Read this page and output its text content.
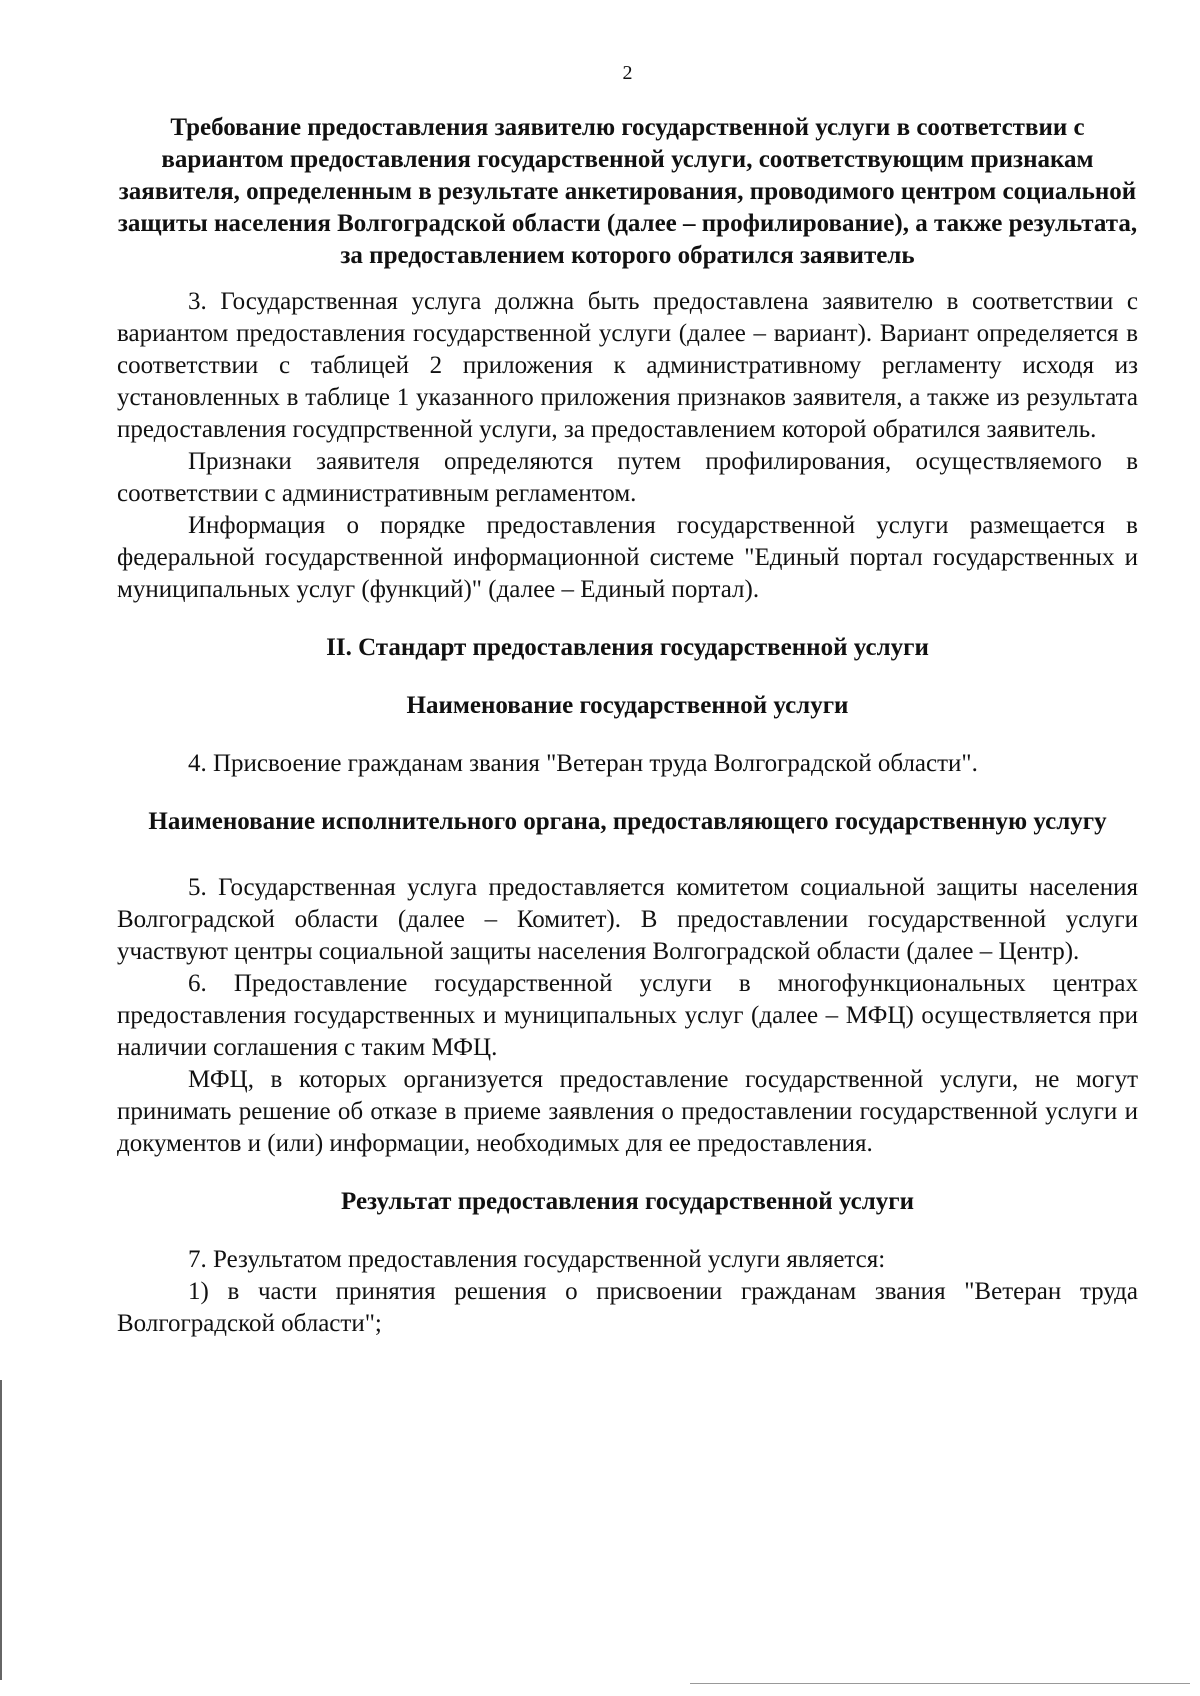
2

Требование предоставления заявителю государственной услуги в соответствии с вариантом предоставления государственной услуги, соответствующим признакам заявителя, определенным в результате анкетирования, проводимого центром социальной защиты населения Волгоградской области (далее – профилирование), а также результата, за предоставлением которого обратился заявитель

3. Государственная услуга должна быть предоставлена заявителю в соответствии с вариантом предоставления государственной услуги (далее – вариант). Вариант определяется в соответствии с таблицей 2 приложения к административному регламенту исходя из установленных в таблице 1 указанного приложения признаков заявителя, а также из результата предоставления госудпрственной услуги, за предоставлением которой обратился заявитель.

Признаки заявителя определяются путем профилирования, осуществляемого в соответствии с административным регламентом.

Информация о порядке предоставления государственной услуги размещается в федеральной государственной информационной системе "Единый портал государственных и муниципальных услуг (функций)" (далее – Единый портал).

II. Стандарт предоставления государственной услуги

Наименование государственной услуги

4. Присвоение гражданам звания "Ветеран труда Волгоградской области".

Наименование исполнительного органа, предоставляющего государственную услугу

5. Государственная услуга предоставляется комитетом социальной защиты населения Волгоградской области (далее – Комитет). В предоставлении государственной услуги участвуют центры социальной защиты населения Волгоградской области (далее – Центр).

6. Предоставление государственной услуги в многофункциональных центрах предоставления государственных и муниципальных услуг (далее – МФЦ) осуществляется при наличии соглашения с таким МФЦ.

МФЦ, в которых организуется предоставление государственной услуги, не могут принимать решение об отказе в приеме заявления о предоставлении государственной услуги и документов и (или) информации, необходимых для ее предоставления.

Результат предоставления государственной услуги

7. Результатом предоставления государственной услуги является:

1) в части принятия решения о присвоении гражданам звания "Ветеран труда Волгоградской области";
